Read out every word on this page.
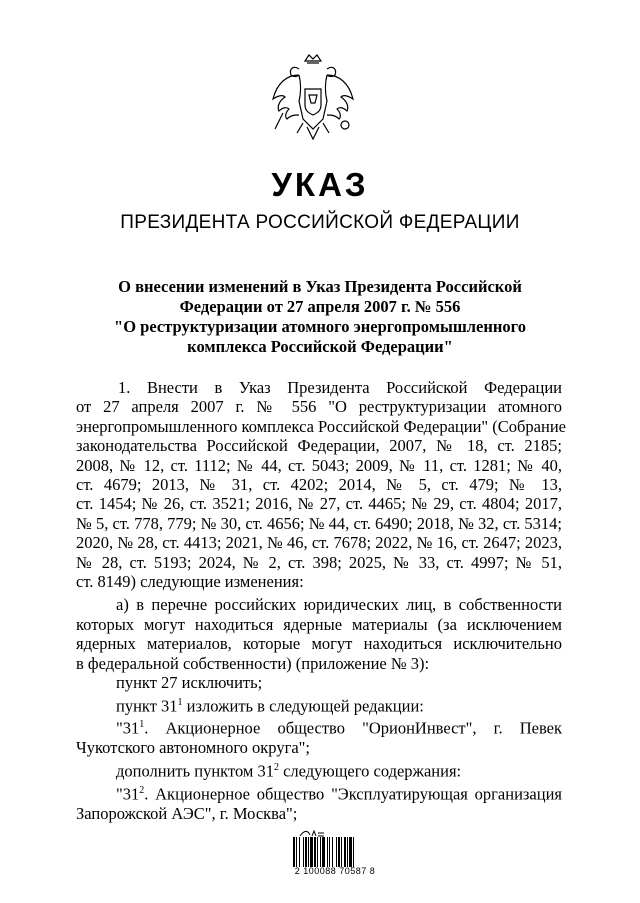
УКАЗ
ПРЕЗИДЕНТА РОССИЙСКОЙ ФЕДЕРАЦИИ
О внесении изменений в Указ Президента Российской
Федерации от 27 апреля 2007 г. № 556
"О реструктуризации атомного энергопромышленного
комплекса Российской Федерации"
1. Внести в Указ Президента Российской Федерации
от 27 апреля 2007 г. № 556 "О реструктуризации атомного
энергопромышленного комплекса Российской Федерации" (Собрание
законодательства Российской Федерации, 2007, № 18, ст. 2185;
2008, № 12, ст. 1112; № 44, ст. 5043; 2009, № 11, ст. 1281; № 40,
ст. 4679; 2013, № 31, ст. 4202; 2014, № 5, ст. 479; № 13,
ст. 1454; № 26, ст. 3521; 2016, № 27, ст. 4465; № 29, ст. 4804; 2017,
№ 5, ст. 778, 779; № 30, ст. 4656; № 44, ст. 6490; 2018, № 32, ст. 5314;
2020, № 28, ст. 4413; 2021, № 46, ст. 7678; 2022, № 16, ст. 2647; 2023,
№ 28, ст. 5193; 2024, № 2, ст. 398; 2025, № 33, ст. 4997; № 51,
ст. 8149) следующие изменения:
а) в перечне российских юридических лиц, в собственности
которых могут находиться ядерные материалы (за исключением
ядерных материалов, которые могут находиться исключительно
в федеральной собственности) (приложение № 3):
пункт 27 исключить;
пункт $31^1$ изложить в следующей редакции:
"$31^1$. Акционерное общество "ОрионИнвест", г. Певек
Чукотского автономного округа";
дополнить пунктом $31^2$ следующего содержания:
"$31^2$. Акционерное общество "Эксплуатирующая организация
Запорожской АЭС", г. Москва";
2 100088 70587 8
